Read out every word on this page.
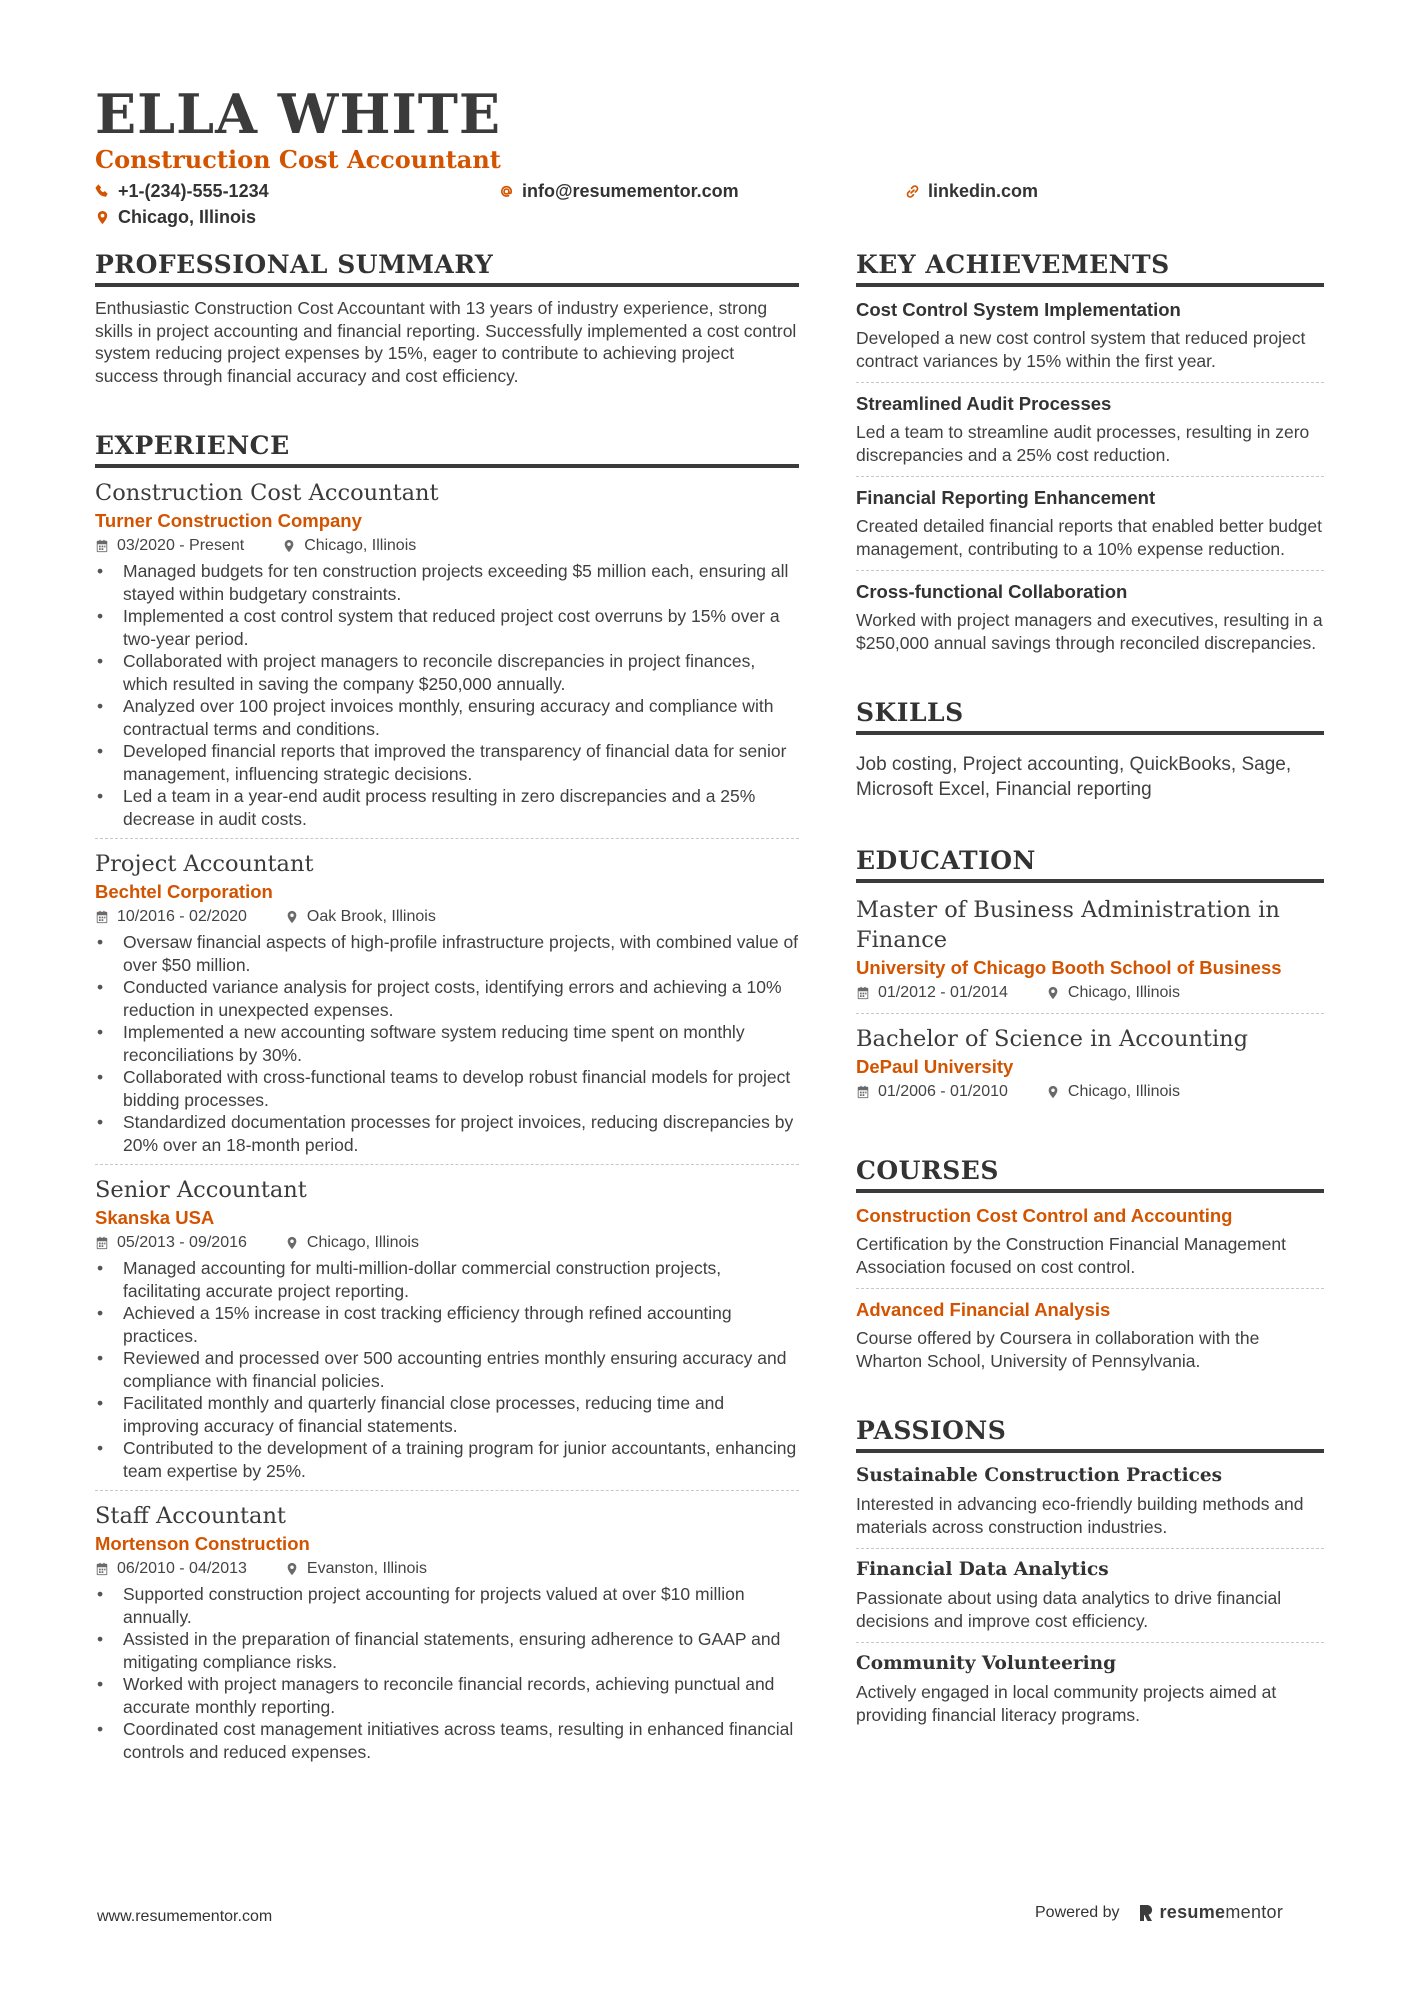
ELLA WHITE
Construction Cost Accountant
+1-(234)-555-1234	info@resumementor.com	linkedin.com
Chicago, Illinois
PROFESSIONAL SUMMARY
Enthusiastic Construction Cost Accountant with 13 years of industry experience, strong skills in project accounting and financial reporting. Successfully implemented a cost control system reducing project expenses by 15%, eager to contribute to achieving project success through financial accuracy and cost efficiency.
EXPERIENCE
Construction Cost Accountant
Turner Construction Company
03/2020 - Present	Chicago, Illinois
• Managed budgets for ten construction projects exceeding $5 million each, ensuring all stayed within budgetary constraints.
• Implemented a cost control system that reduced project cost overruns by 15% over a two-year period.
• Collaborated with project managers to reconcile discrepancies in project finances, which resulted in saving the company $250,000 annually.
• Analyzed over 100 project invoices monthly, ensuring accuracy and compliance with contractual terms and conditions.
• Developed financial reports that improved the transparency of financial data for senior management, influencing strategic decisions.
• Led a team in a year-end audit process resulting in zero discrepancies and a 25% decrease in audit costs.
Project Accountant
Bechtel Corporation
10/2016 - 02/2020	Oak Brook, Illinois
• Oversaw financial aspects of high-profile infrastructure projects, with combined value of over $50 million.
• Conducted variance analysis for project costs, identifying errors and achieving a 10% reduction in unexpected expenses.
• Implemented a new accounting software system reducing time spent on monthly reconciliations by 30%.
• Collaborated with cross-functional teams to develop robust financial models for project bidding processes.
• Standardized documentation processes for project invoices, reducing discrepancies by 20% over an 18-month period.
Senior Accountant
Skanska USA
05/2013 - 09/2016	Chicago, Illinois
• Managed accounting for multi-million-dollar commercial construction projects, facilitating accurate project reporting.
• Achieved a 15% increase in cost tracking efficiency through refined accounting practices.
• Reviewed and processed over 500 accounting entries monthly ensuring accuracy and compliance with financial policies.
• Facilitated monthly and quarterly financial close processes, reducing time and improving accuracy of financial statements.
• Contributed to the development of a training program for junior accountants, enhancing team expertise by 25%.
Staff Accountant
Mortenson Construction
06/2010 - 04/2013	Evanston, Illinois
• Supported construction project accounting for projects valued at over $10 million annually.
• Assisted in the preparation of financial statements, ensuring adherence to GAAP and mitigating compliance risks.
• Worked with project managers to reconcile financial records, achieving punctual and accurate monthly reporting.
• Coordinated cost management initiatives across teams, resulting in enhanced financial controls and reduced expenses.
KEY ACHIEVEMENTS
Cost Control System Implementation
Developed a new cost control system that reduced project contract variances by 15% within the first year.
Streamlined Audit Processes
Led a team to streamline audit processes, resulting in zero discrepancies and a 25% cost reduction.
Financial Reporting Enhancement
Created detailed financial reports that enabled better budget management, contributing to a 10% expense reduction.
Cross-functional Collaboration
Worked with project managers and executives, resulting in a $250,000 annual savings through reconciled discrepancies.
SKILLS
Job costing, Project accounting, QuickBooks, Sage, Microsoft Excel, Financial reporting
EDUCATION
Master of Business Administration in Finance
University of Chicago Booth School of Business
01/2012 - 01/2014	Chicago, Illinois
Bachelor of Science in Accounting
DePaul University
01/2006 - 01/2010	Chicago, Illinois
COURSES
Construction Cost Control and Accounting
Certification by the Construction Financial Management Association focused on cost control.
Advanced Financial Analysis
Course offered by Coursera in collaboration with the Wharton School, University of Pennsylvania.
PASSIONS
Sustainable Construction Practices
Interested in advancing eco-friendly building methods and materials across construction industries.
Financial Data Analytics
Passionate about using data analytics to drive financial decisions and improve cost efficiency.
Community Volunteering
Actively engaged in local community projects aimed at providing financial literacy programs.
www.resumementor.com	Powered by resume mentor
